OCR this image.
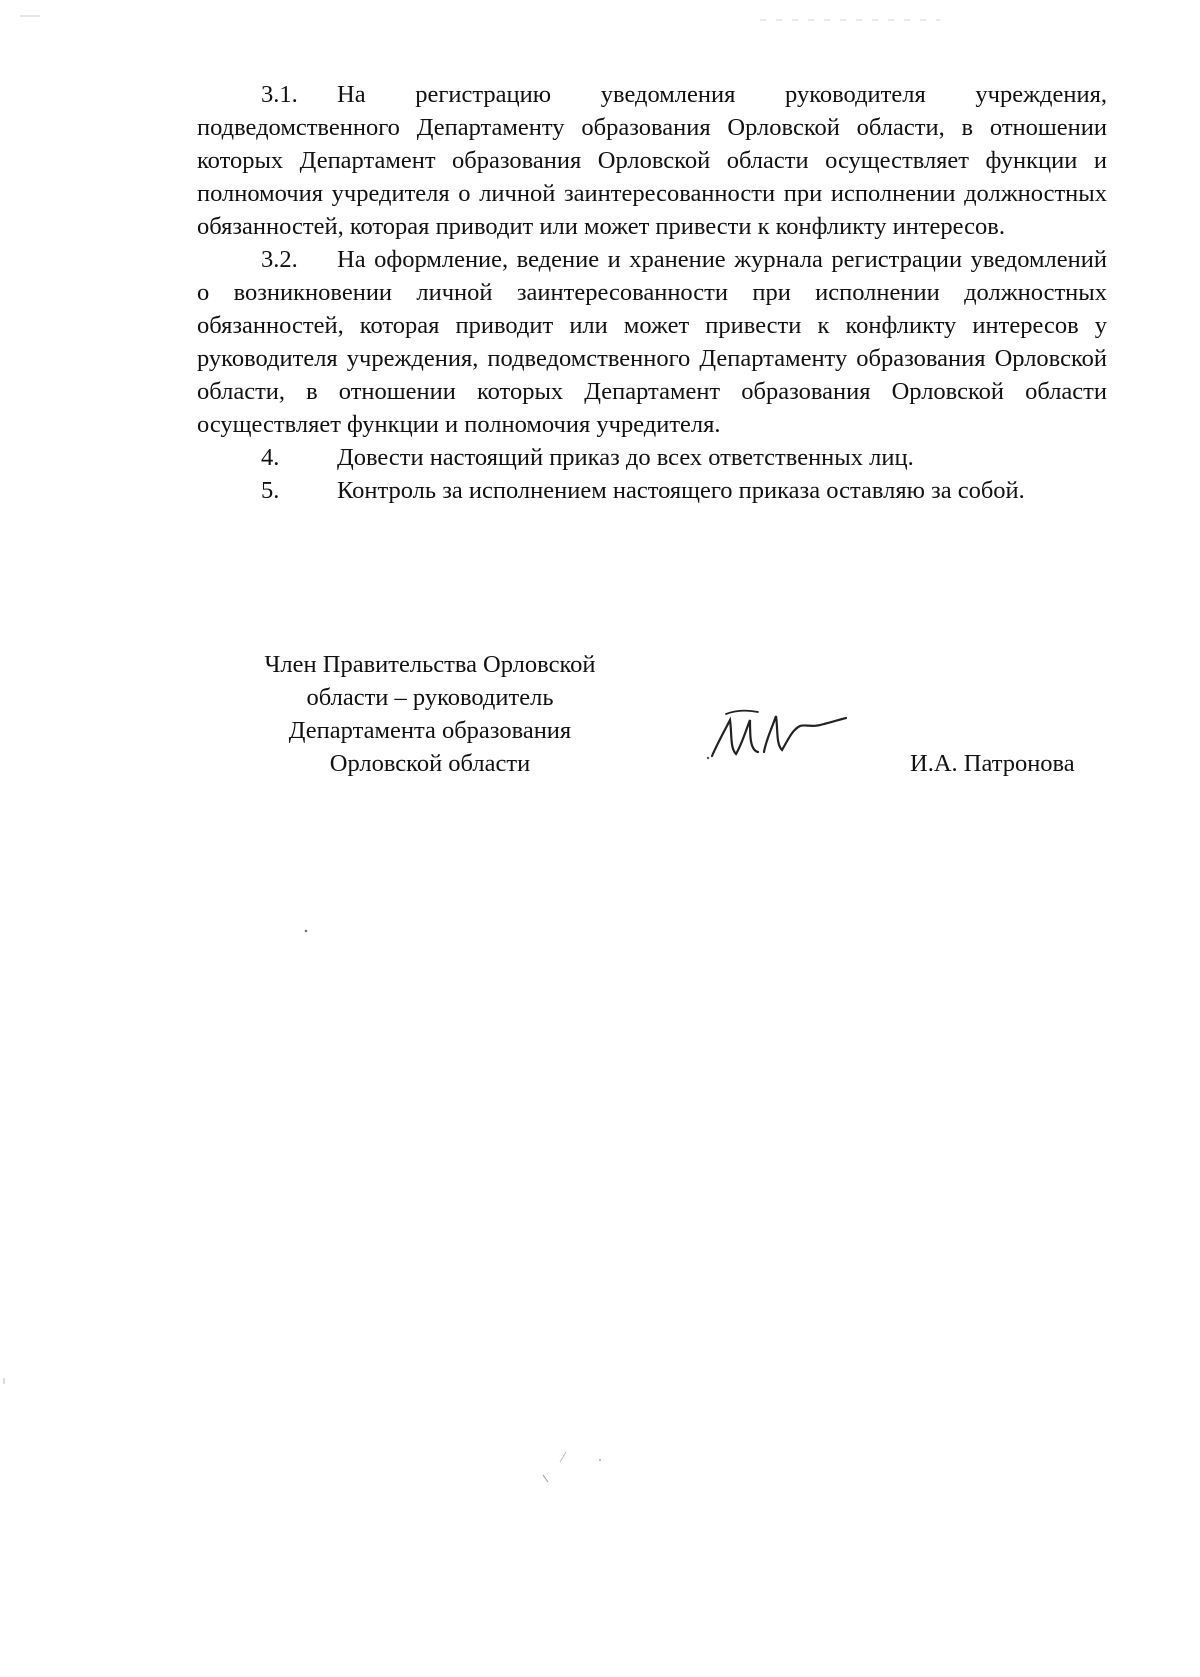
3.1. На регистрацию уведомления руководителя учреждения, подведомственного Департаменту образования Орловской области, в отношении которых Департамент образования Орловской области осуществляет функции и полномочия учредителя о личной заинтересованности при исполнении должностных обязанностей, которая приводит или может привести к конфликту интересов.

3.2. На оформление, ведение и хранение журнала регистрации уведомлений о возникновении личной заинтересованности при исполнении должностных обязанностей, которая приводит или может привести к конфликту интересов у руководителя учреждения, подведомственного Департаменту образования Орловской области, в отношении которых Департамент образования Орловской области осуществляет функции и полномочия учредителя.

4. Довести настоящий приказ до всех ответственных лиц.

5. Контроль за исполнением настоящего приказа оставляю за собой.

Член Правительства Орловской
области – руководитель
Департамента образования
Орловской области	И.А. Патронова
